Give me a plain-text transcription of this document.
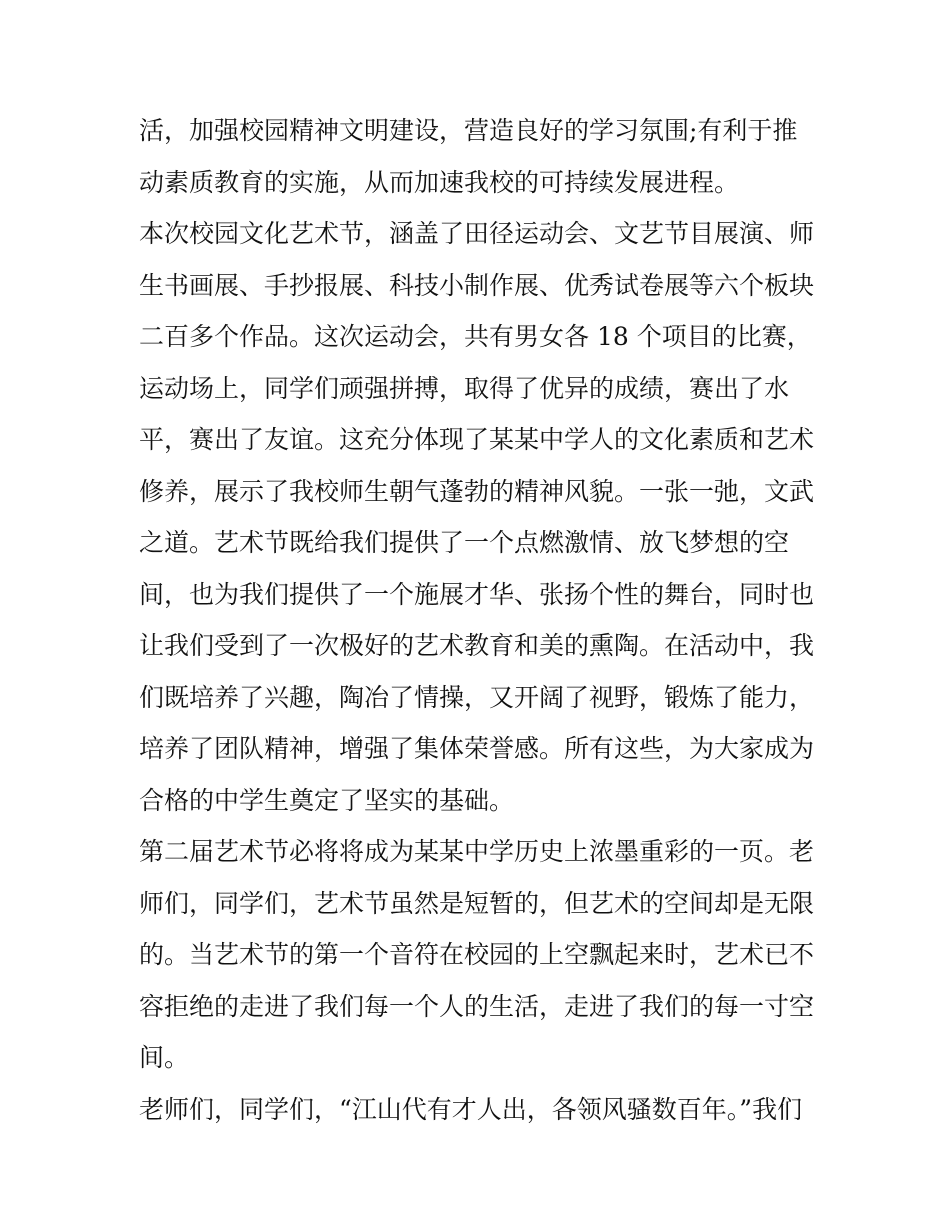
活，加强校园精神文明建设，营造良好的学习氛围;有利于推
动素质教育的实施，从而加速我校的可持续发展进程。
本次校园文化艺术节，涵盖了田径运动会、文艺节目展演、师
生书画展、手抄报展、科技小制作展、优秀试卷展等六个板块
二百多个作品。这次运动会，共有男女各 18 个项目的比赛，
运动场上，同学们顽强拼搏，取得了优异的成绩，赛出了水
平，赛出了友谊。这充分体现了某某中学人的文化素质和艺术
修养，展示了我校师生朝气蓬勃的精神风貌。一张一弛，文武
之道。艺术节既给我们提供了一个点燃激情、放飞梦想的空
间，也为我们提供了一个施展才华、张扬个性的舞台，同时也
让我们受到了一次极好的艺术教育和美的熏陶。在活动中，我
们既培养了兴趣，陶冶了情操，又开阔了视野，锻炼了能力，
培养了团队精神，增强了集体荣誉感。所有这些，为大家成为
合格的中学生奠定了坚实的基础。
第二届艺术节必将将成为某某中学历史上浓墨重彩的一页。老
师们，同学们，艺术节虽然是短暂的，但艺术的空间却是无限
的。当艺术节的第一个音符在校园的上空飘起来时，艺术已不
容拒绝的走进了我们每一个人的生活，走进了我们的每一寸空
间。
老师们，同学们，“江山代有才人出，各领风骚数百年。”我们
